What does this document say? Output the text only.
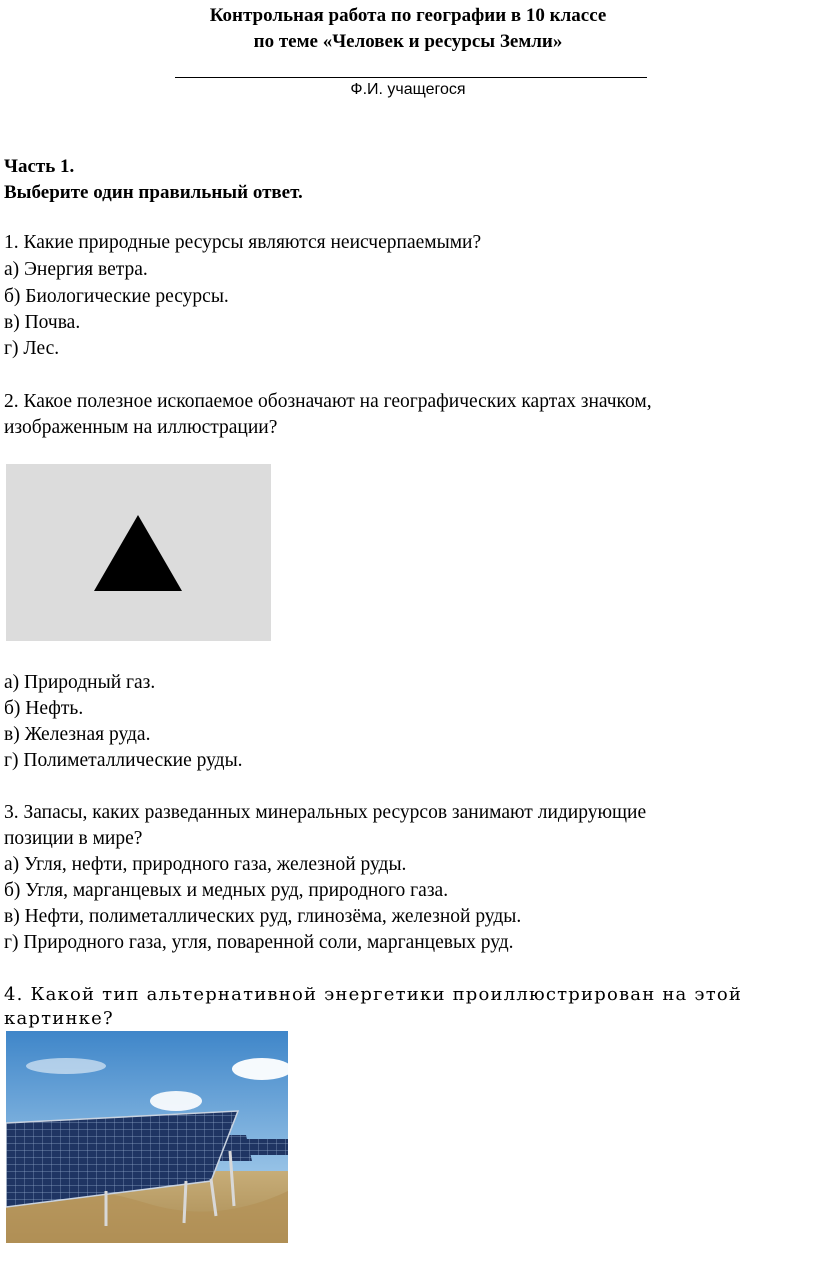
Контрольная работа по географии в 10 классе
по теме «Человек и ресурсы Земли»
Ф.И. учащегося
Часть 1.
Выберите один правильный ответ.
1. Какие природные ресурсы являются неисчерпаемыми?
а) Энергия ветра.
б) Биологические ресурсы.
в) Почва.
г) Лес.
2. Какое полезное ископаемое обозначают на географических картах значком,
изображенным на иллюстрации?
а) Природный газ.
б) Нефть.
в) Железная руда.
г) Полиметаллические руды.
3. Запасы, каких разведанных минеральных ресурсов занимают лидирующие
позиции в мире?
а) Угля, нефти, природного газа, железной руды.
б) Угля, марганцевых и медных руд, природного газа.
в) Нефти, полиметаллических руд, глинозёма, железной руды.
г) Природного газа, угля, поваренной соли, марганцевых руд.
4. Какой тип альтернативной энергетики проиллюстрирован на этой
картинке?
